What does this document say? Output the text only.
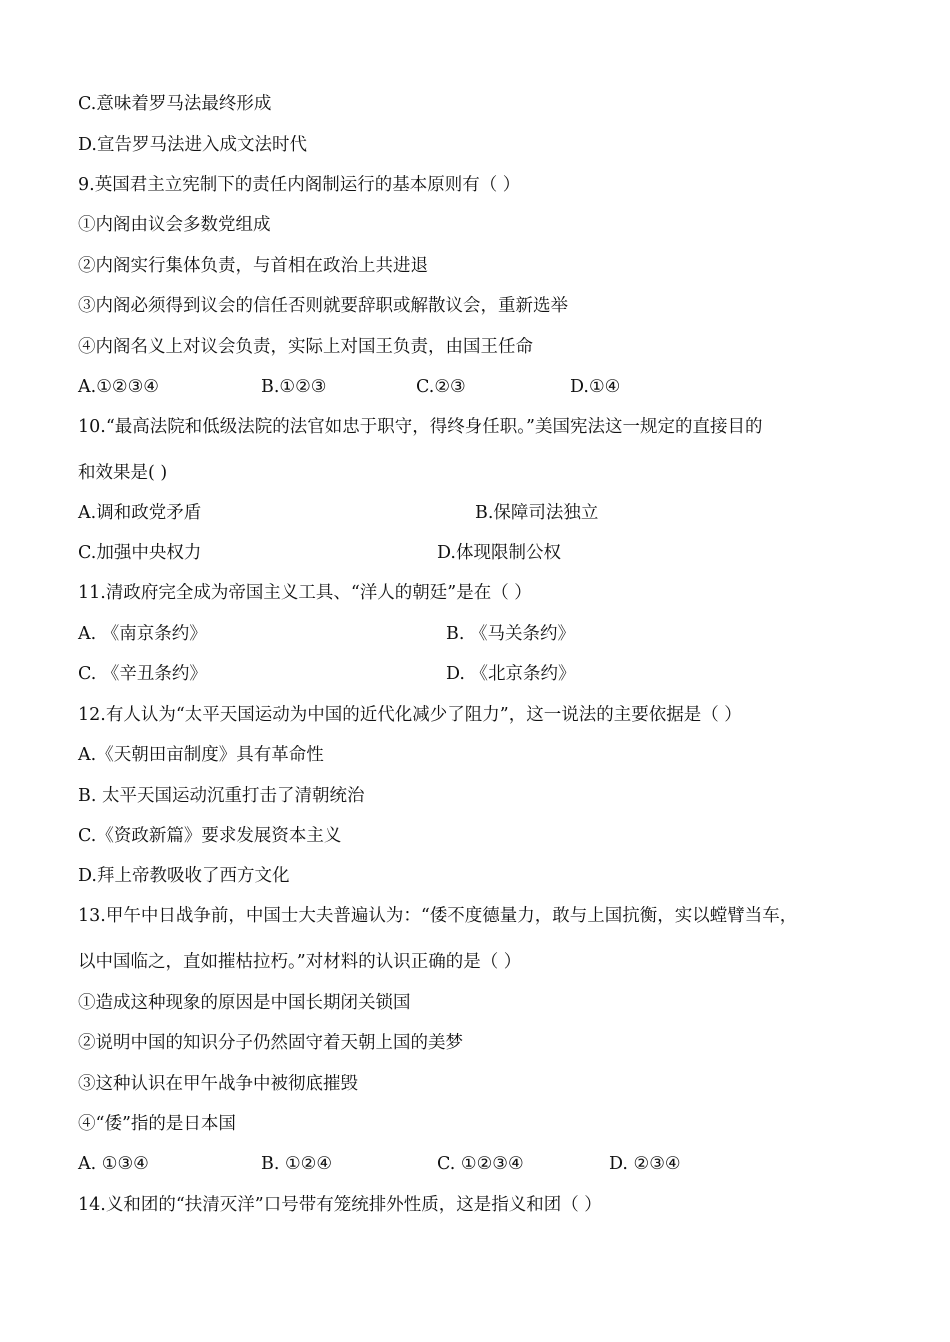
C.意味着罗马法最终形成
D.宣告罗马法进入成文法时代
9.英国君主立宪制下的责任内阁制运行的基本原则有（ ）
①内阁由议会多数党组成
②内阁实行集体负责，与首相在政治上共进退
③内阁必须得到议会的信任否则就要辞职或解散议会，重新选举
④内阁名义上对议会负责，实际上对国王负责，由国王任命
A.①②③④	B.①②③	C.②③	D.①④
10.“最高法院和低级法院的法官如忠于职守，得终身任职。”美国宪法这一规定的直接目的
和效果是( )
A.调和政党矛盾	B.保障司法独立
C.加强中央权力	D.体现限制公权
11.清政府完全成为帝国主义工具、“洋人的朝廷”是在（ ）
A. 《南京条约》	B. 《马关条约》
C. 《辛丑条约》	D. 《北京条约》
12.有人认为“太平天国运动为中国的近代化减少了阻力”，这一说法的主要依据是（ ）
A.《天朝田亩制度》具有革命性
B. 太平天国运动沉重打击了清朝统治
C.《资政新篇》要求发展资本主义
D.拜上帝教吸收了西方文化
13.甲午中日战争前，中国士大夫普遍认为：“倭不度德量力，敢与上国抗衡，实以螳臂当车，
以中国临之，直如摧枯拉朽。”对材料的认识正确的是（ ）
①造成这种现象的原因是中国长期闭关锁国
②说明中国的知识分子仍然固守着天朝上国的美梦
③这种认识在甲午战争中被彻底摧毁
④“倭”指的是日本国
A. ①③④	B. ①②④	C. ①②③④	D. ②③④
14.义和团的“扶清灭洋”口号带有笼统排外性质，这是指义和团（ ）
